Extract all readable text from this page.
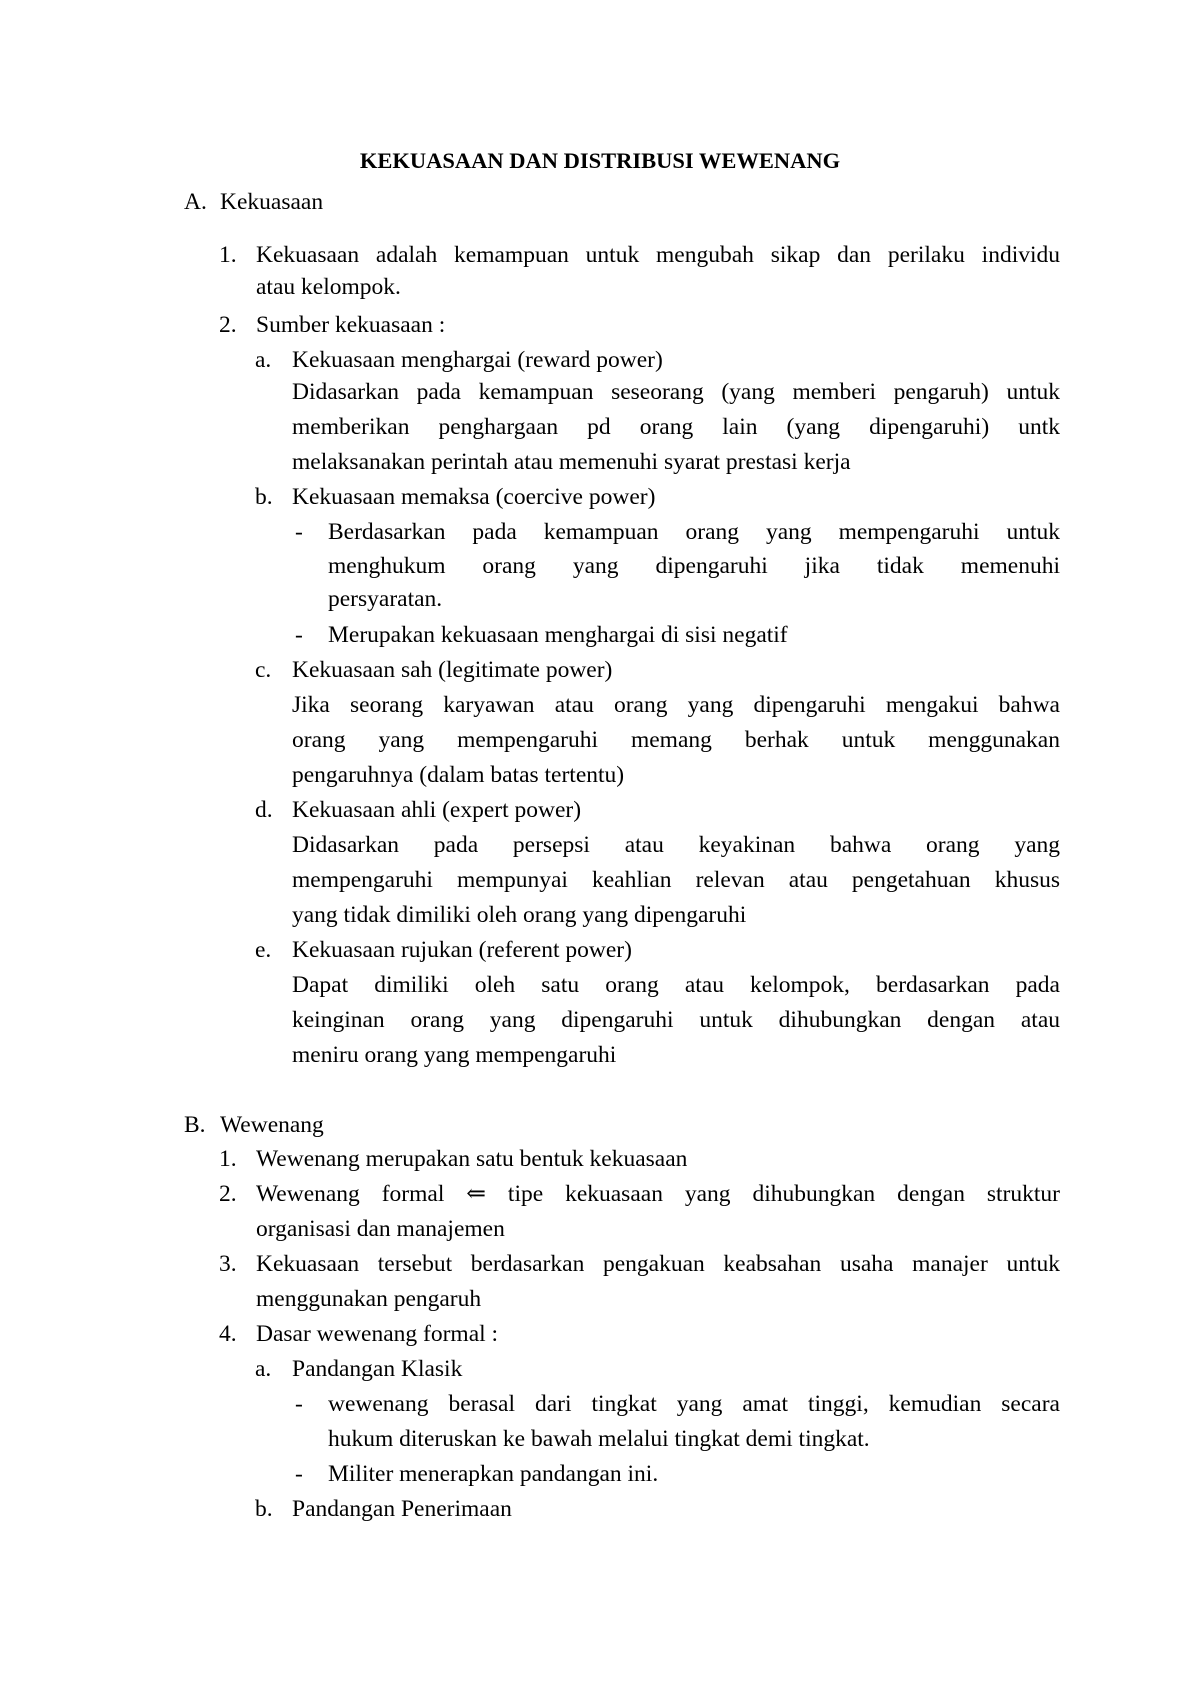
KEKUASAAN DAN DISTRIBUSI WEWENANG
A. Kekuasaan
1. Kekuasaan adalah kemampuan untuk mengubah sikap dan perilaku individu
atau kelompok.
2. Sumber kekuasaan :
a. Kekuasaan menghargai (reward power)
Didasarkan pada kemampuan seseorang (yang memberi pengaruh) untuk
memberikan penghargaan pd orang lain (yang dipengaruhi) untk
melaksanakan perintah atau memenuhi syarat prestasi kerja
b. Kekuasaan memaksa (coercive power)
- Berdasarkan pada kemampuan orang yang mempengaruhi untuk
menghukum orang yang dipengaruhi jika tidak memenuhi
persyaratan.
- Merupakan kekuasaan menghargai di sisi negatif
c. Kekuasaan sah (legitimate power)
Jika seorang karyawan atau orang yang dipengaruhi mengakui bahwa
orang yang mempengaruhi memang berhak untuk menggunakan
pengaruhnya (dalam batas tertentu)
d. Kekuasaan ahli (expert power)
Didasarkan pada persepsi atau keyakinan bahwa orang yang
mempengaruhi mempunyai keahlian relevan atau pengetahuan khusus
yang tidak dimiliki oleh orang yang dipengaruhi
e. Kekuasaan rujukan (referent power)
Dapat dimiliki oleh satu orang atau kelompok, berdasarkan pada
keinginan orang yang dipengaruhi untuk dihubungkan dengan atau
meniru orang yang mempengaruhi
B. Wewenang
1. Wewenang merupakan satu bentuk kekuasaan
2. Wewenang formal ⇐ tipe kekuasaan yang dihubungkan dengan struktur
organisasi dan manajemen
3. Kekuasaan tersebut berdasarkan pengakuan keabsahan usaha manajer untuk
menggunakan pengaruh
4. Dasar wewenang formal :
a. Pandangan Klasik
- wewenang berasal dari tingkat yang amat tinggi, kemudian secara
hukum diteruskan ke bawah melalui tingkat demi tingkat.
- Militer menerapkan pandangan ini.
b. Pandangan Penerimaan
